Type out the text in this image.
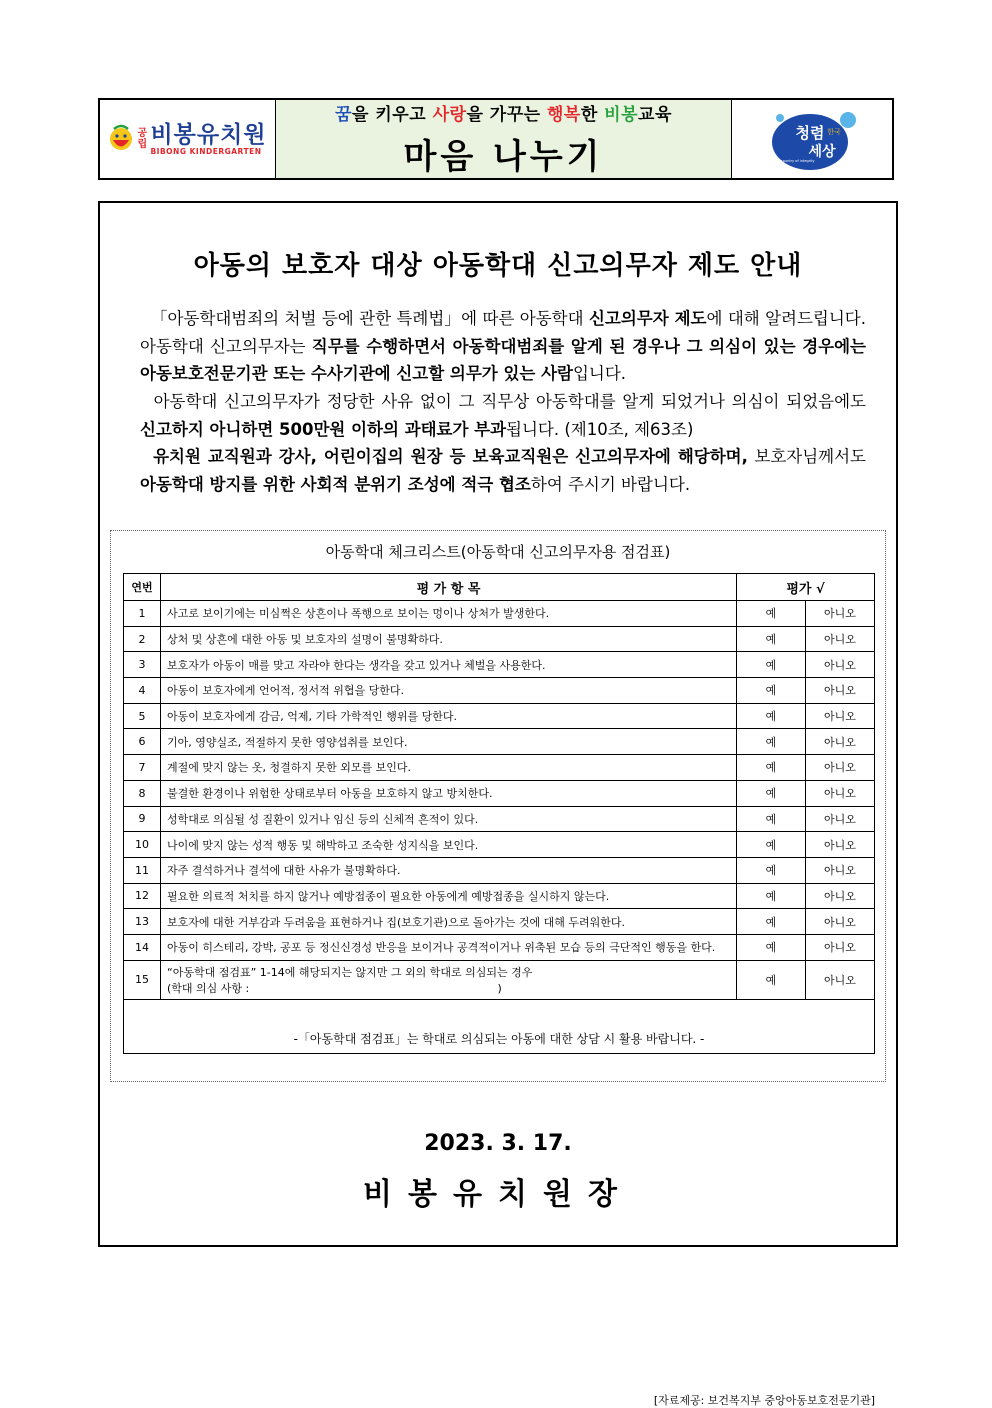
공립 비봉유치원
BIBONG KINDERGARTEN
꿈을 키우고 사랑을 가꾸는 행복한 비봉교육
마음 나누기
청렴 한국
세상
Korea, a country of integrity
아동의 보호자 대상 아동학대 신고의무자 제도 안내
「아동학대범죄의 처벌 등에 관한 특례법」에 따른 아동학대 신고의무자 제도에 대해 알려드립니다. 아동학대 신고의무자는 직무를 수행하면서 아동학대범죄를 알게 된 경우나 그 의심이 있는 경우에는 아동보호전문기관 또는 수사기관에 신고할 의무가 있는 사람입니다.
아동학대 신고의무자가 정당한 사유 없이 그 직무상 아동학대를 알게 되었거나 의심이 되었음에도 신고하지 아니하면 500만원 이하의 과태료가 부과됩니다. (제10조, 제63조)
유치원 교직원과 강사, 어린이집의 원장 등 보육교직원은 신고의무자에 해당하며, 보호자님께서도 아동학대 방지를 위한 사회적 분위기 조성에 적극 협조하여 주시기 바랍니다.
아동학대 체크리스트(아동학대 신고의무자용 점검표)
연번	평 가 항 목	평가 √	
1	사고로 보이기에는 미심쩍은 상흔이나 폭행으로 보이는 멍이나 상처가 발생한다.	예	아니오
2	상처 및 상흔에 대한 아동 및 보호자의 설명이 불명확하다.	예	아니오
3	보호자가 아동이 매를 맞고 자라야 한다는 생각을 갖고 있거나 체벌을 사용한다.	예	아니오
4	아동이 보호자에게 언어적, 정서적 위협을 당한다.	예	아니오
5	아동이 보호자에게 감금, 억제, 기타 가학적인 행위를 당한다.	예	아니오
6	기아, 영양실조, 적절하지 못한 영양섭취를 보인다.	예	아니오
7	계절에 맞지 않는 옷, 청결하지 못한 외모를 보인다.	예	아니오
8	불결한 환경이나 위험한 상태로부터 아동을 보호하지 않고 방치한다.	예	아니오
9	성학대로 의심될 성 질환이 있거나 임신 등의 신체적 흔적이 있다.	예	아니오
10	나이에 맞지 않는 성적 행동 및 해박하고 조숙한 성지식을 보인다.	예	아니오
11	자주 결석하거나 결석에 대한 사유가 불명확하다.	예	아니오
12	필요한 의료적 처치를 하지 않거나 예방접종이 필요한 아동에게 예방접종을 실시하지 않는다.	예	아니오
13	보호자에 대한 거부감과 두려움을 표현하거나 집(보호기관)으로 돌아가는 것에 대해 두려워한다.	예	아니오
14	아동이 히스테리, 강박, 공포 등 정신신경성 반응을 보이거나 공격적이거나 위축된 모습 등의 극단적인 행동을 한다.	예	아니오
15	“아동학대 점검표” 1-14에 해당되지는 않지만 그 외의 학대로 의심되는 경우
(학대 의심 사항 :                                                                       )	예	아니오
-「아동학대 점검표」는 학대로 의심되는 아동에 대한 상담 시 활용 바랍니다. -			
[자료제공: 보건복지부 중앙아동보호전문기관]
2023. 3. 17.
비봉유치원장
